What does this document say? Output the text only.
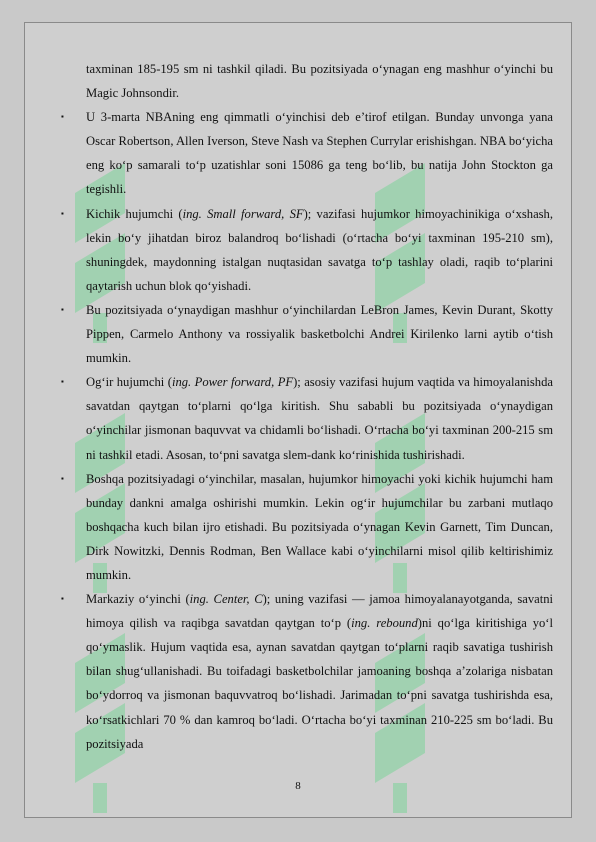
taxminan 185-195 sm ni tashkil qiladi. Bu pozitsiyada o‘ynagan eng mashhur o‘yinchi bu Magic Johnsondir.

▪ U 3-marta NBAning eng qimmatli o‘yinchisi deb e’tirof etilgan. Bunday unvonga yana Oscar Robertson, Allen Iverson, Steve Nash va Stephen Currylar erishishgan. NBA bo‘yicha eng ko‘p samarali to‘p uzatishlar soni 15086 ga teng bo‘lib, bu natija John Stockton ga tegishli.

▪ Kichik hujumchi (ing. Small forward, SF); vazifasi hujumkor himoyachinikiga o‘xshash, lekin bo‘y jihatdan biroz balandroq bo‘lishadi (o‘rtacha bo‘yi taxminan 195-210 sm), shuningdek, maydonning istalgan nuqtasidan savatga to‘p tashlay oladi, raqib to‘plarini qaytarish uchun blok qo‘yishadi.

▪ Bu pozitsiyada o‘ynaydigan mashhur o‘yinchilardan LeBron James, Kevin Durant, Skotty Pippen, Carmelo Anthony va rossiyalik basketbolchi Andrei Kirilenko larni aytib o‘tish mumkin.

▪ Og‘ir hujumchi (ing. Power forward, PF); asosiy vazifasi hujum vaqtida va himoyalanishda savatdan qaytgan to‘plarni qo‘lga kiritish. Shu sababli bu pozitsiyada o‘ynaydigan o‘yinchilar jismonan baquvvat va chidamli bo‘lishadi. O‘rtacha bo‘yi taxminan 200-215 sm ni tashkil etadi. Asosan, to‘pni savatga slem-dank ko‘rinishida tushirishadi.

▪ Boshqa pozitsiyadagi o‘yinchilar, masalan, hujumkor himoyachi yoki kichik hujumchi ham bunday dankni amalga oshirishi mumkin. Lekin og‘ir hujumchilar bu zarbani mutlaqo boshqacha kuch bilan ijro etishadi. Bu pozitsiyada o‘ynagan Kevin Garnett, Tim Duncan, Dirk Nowitzki, Dennis Rodman, Ben Wallace kabi o‘yinchilarni misol qilib keltirishimiz mumkin.

▪ Markaziy o‘yinchi (ing. Center, C); uning vazifasi — jamoa himoyalanayotganda, savatni himoya qilish va raqibga savatdan qaytgan to‘p (ing. rebound)ni qo‘lga kiritishiga yo‘l qo‘ymaslik. Hujum vaqtida esa, aynan savatdan qaytgan to‘plarni raqib savatiga tushirish bilan shug‘ullanishadi. Bu toifadagi basketbolchilar jamoaning boshqa a’zolariga nisbatan bo‘ydorroq va jismonan baquvvatroq bo‘lishadi. Jarimadan to‘pni savatga tushirishda esa, ko‘rsatkichlari 70 % dan kamroq bo‘ladi. O‘rtacha bo‘yi taxminan 210-225 sm bo‘ladi. Bu pozitsiyada

8
